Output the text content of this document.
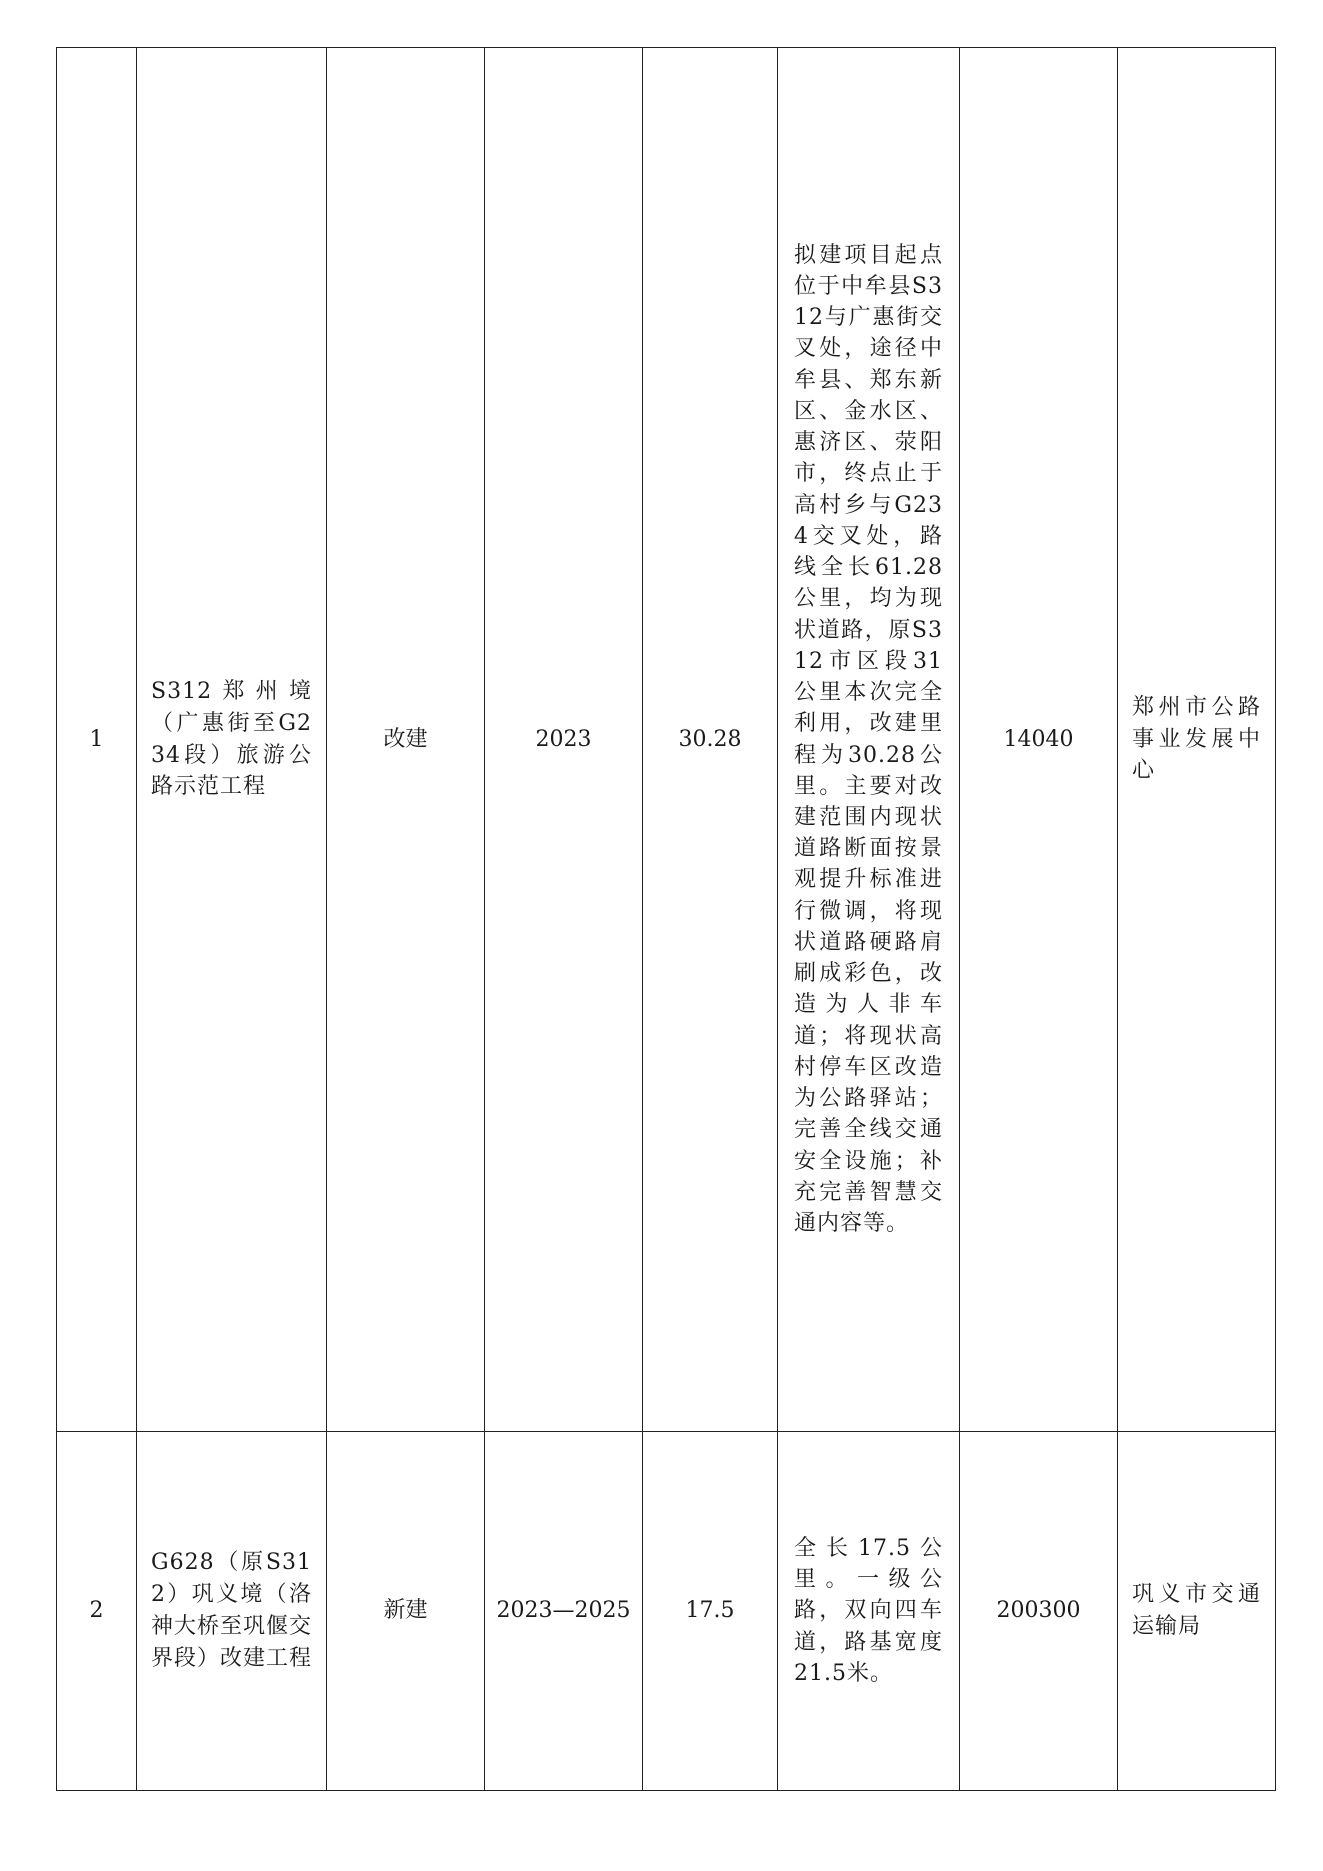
1	S312郑州境（广惠街至G234段）旅游公路示范工程	改建	2023	30.28	拟建项目起点位于中牟县S312与广惠街交叉处，途径中牟县、郑东新区、金水区、惠济区、荥阳市，终点止于高村乡与G234交叉处，路线全长61.28公里，均为现状道路，原S312市区段31公里本次完全利用，改建里程为30.28公里。主要对改建范围内现状道路断面按景观提升标准进行微调，将现状道路硬路肩刷成彩色，改造为人非车道；将现状高村停车区改造为公路驿站；完善全线交通安全设施；补充完善智慧交通内容等。	14040	郑州市公路事业发展中心

2	G628（原S312）巩义境（洛神大桥至巩偃交界段）改建工程	新建	2023—2025	17.5	全长17.5公里。一级公路，双向四车道，路基宽度21.5米。	200300	巩义市交通运输局
